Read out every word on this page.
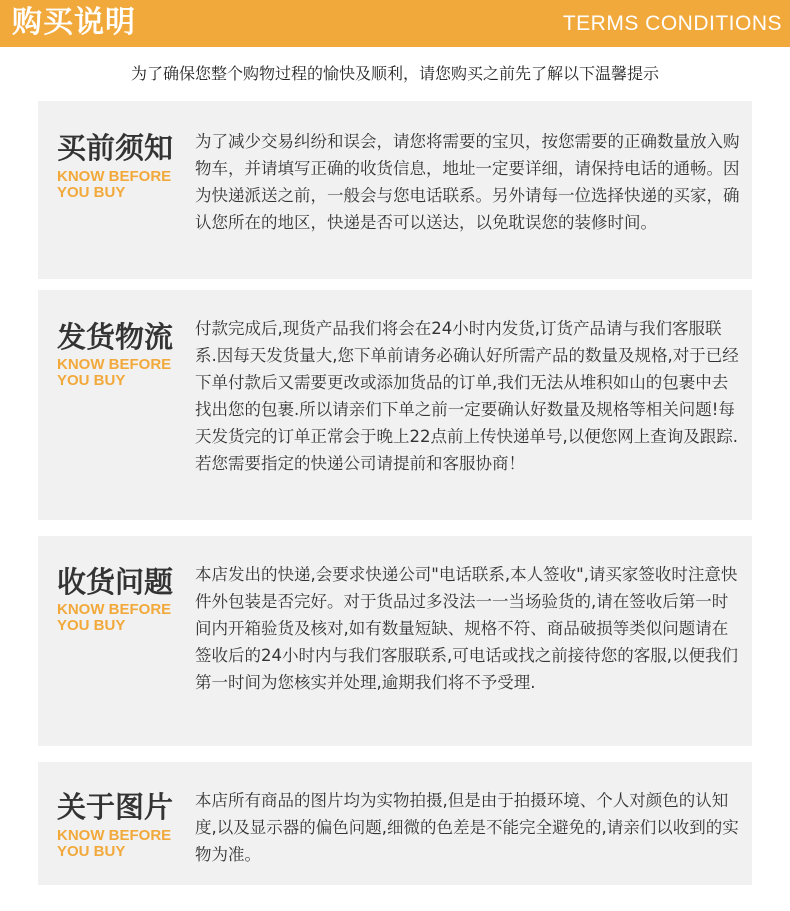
购买说明	TERMS CONDITIONS
为了确保您整个购物过程的愉快及顺利，请您购买之前先了解以下温馨提示
买前须知
KNOW BEFORE
YOU BUY
为了减少交易纠纷和误会，请您将需要的宝贝，按您需要的正确数量放入购物车，并请填写正确的收货信息，地址一定要详细，请保持电话的通畅。因为快递派送之前，一般会与您电话联系。另外请每一位选择快递的买家，确认您所在的地区，快递是否可以送达，以免耽误您的装修时间。
发货物流
KNOW BEFORE
YOU BUY
付款完成后,现货产品我们将会在24小时内发货,订货产品请与我们客服联系.因每天发货量大,您下单前请务必确认好所需产品的数量及规格,对于已经下单付款后又需要更改或添加货品的订单,我们无法从堆积如山的包裹中去找出您的包裹.所以请亲们下单之前一定要确认好数量及规格等相关问题!每天发货完的订单正常会于晚上22点前上传快递单号,以便您网上查询及跟踪.若您需要指定的快递公司请提前和客服协商！
收货问题
KNOW BEFORE
YOU BUY
本店发出的快递,会要求快递公司"电话联系,本人签收",请买家签收时注意快件外包装是否完好。对于货品过多没法一一当场验货的,请在签收后第一时间内开箱验货及核对,如有数量短缺、规格不符、商品破损等类似问题请在签收后的24小时内与我们客服联系,可电话或找之前接待您的客服,以便我们第一时间为您核实并处理,逾期我们将不予受理.
关于图片
KNOW BEFORE
YOU BUY
本店所有商品的图片均为实物拍摄,但是由于拍摄环境、个人对颜色的认知度,以及显示器的偏色问题,细微的色差是不能完全避免的,请亲们以收到的实物为准。
